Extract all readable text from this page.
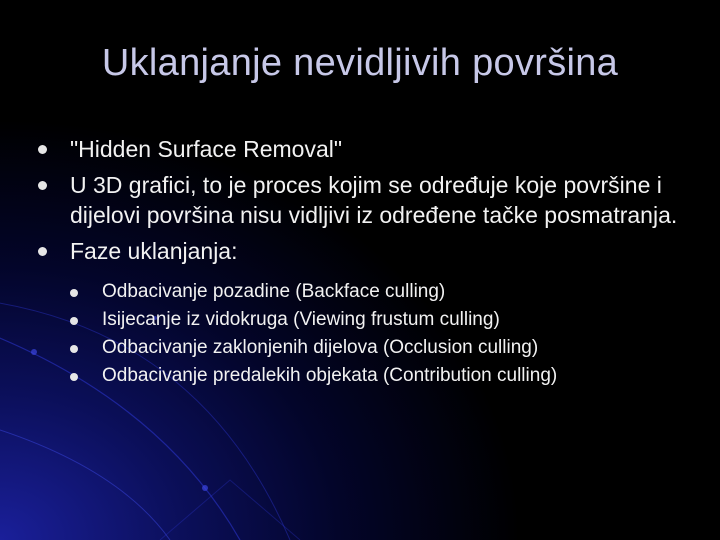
Uklanjanje nevidljivih površina
"Hidden Surface Removal"
U 3D grafici, to je proces kojim se određuje koje površine i dijelovi površina nisu vidljivi iz određene tačke posmatranja.
Faze uklanjanja:
Odbacivanje pozadine (Backface culling)
Isijecanje iz vidokruga (Viewing frustum culling)
Odbacivanje zaklonjenih dijelova (Occlusion culling)
Odbacivanje predalekih objekata (Contribution culling)
